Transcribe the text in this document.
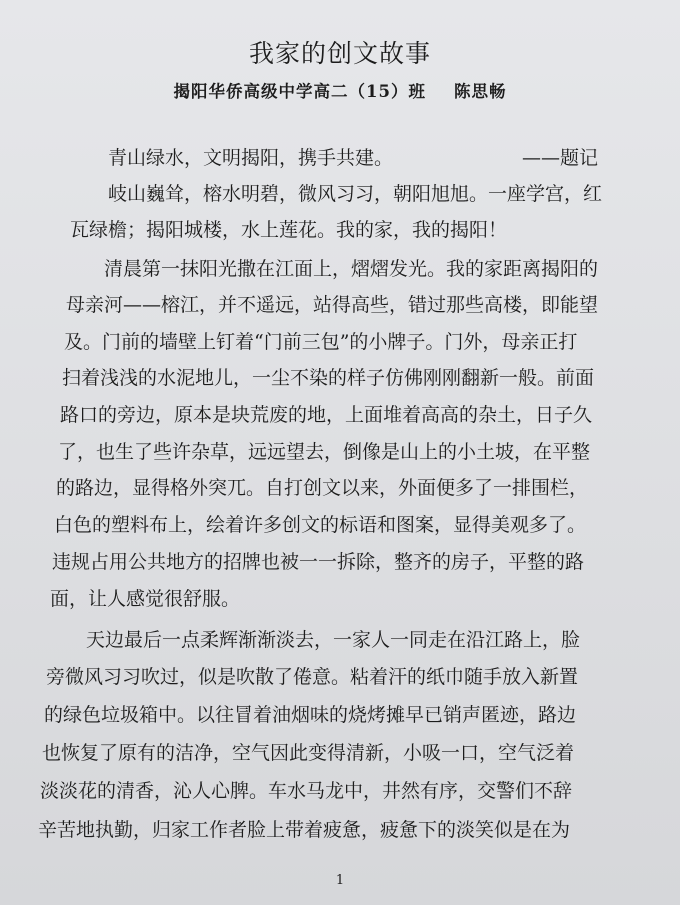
我家的创文故事
揭阳华侨高级中学高二（15）班 陈思畅
青山绿水，文明揭阳，携手共建。	——题记
岐山巍耸，榕水明碧，微风习习，朝阳旭旭。一座学宫，红
瓦绿檐；揭阳城楼，水上莲花。我的家，我的揭阳！
清晨第一抹阳光撒在江面上，熠熠发光。我的家距离揭阳的
母亲河——榕江，并不遥远，站得高些，错过那些高楼，即能望
及。门前的墙壁上钉着“门前三包”的小牌子。门外，母亲正打
扫着浅浅的水泥地儿，一尘不染的样子仿佛刚刚翻新一般。前面
路口的旁边，原本是块荒废的地，上面堆着高高的杂土，日子久
了，也生了些许杂草，远远望去，倒像是山上的小土坡，在平整
的路边，显得格外突兀。自打创文以来，外面便多了一排围栏，
白色的塑料布上，绘着许多创文的标语和图案，显得美观多了。
违规占用公共地方的招牌也被一一拆除，整齐的房子，平整的路
面，让人感觉很舒服。
天边最后一点柔辉渐渐淡去，一家人一同走在沿江路上，脸
旁微风习习吹过，似是吹散了倦意。粘着汗的纸巾随手放入新置
的绿色垃圾箱中。以往冒着油烟味的烧烤摊早已销声匿迹，路边
也恢复了原有的洁净，空气因此变得清新，小吸一口，空气泛着
淡淡花的清香，沁人心脾。车水马龙中，井然有序，交警们不辞
辛苦地执勤，归家工作者脸上带着疲惫，疲惫下的淡笑似是在为
1
